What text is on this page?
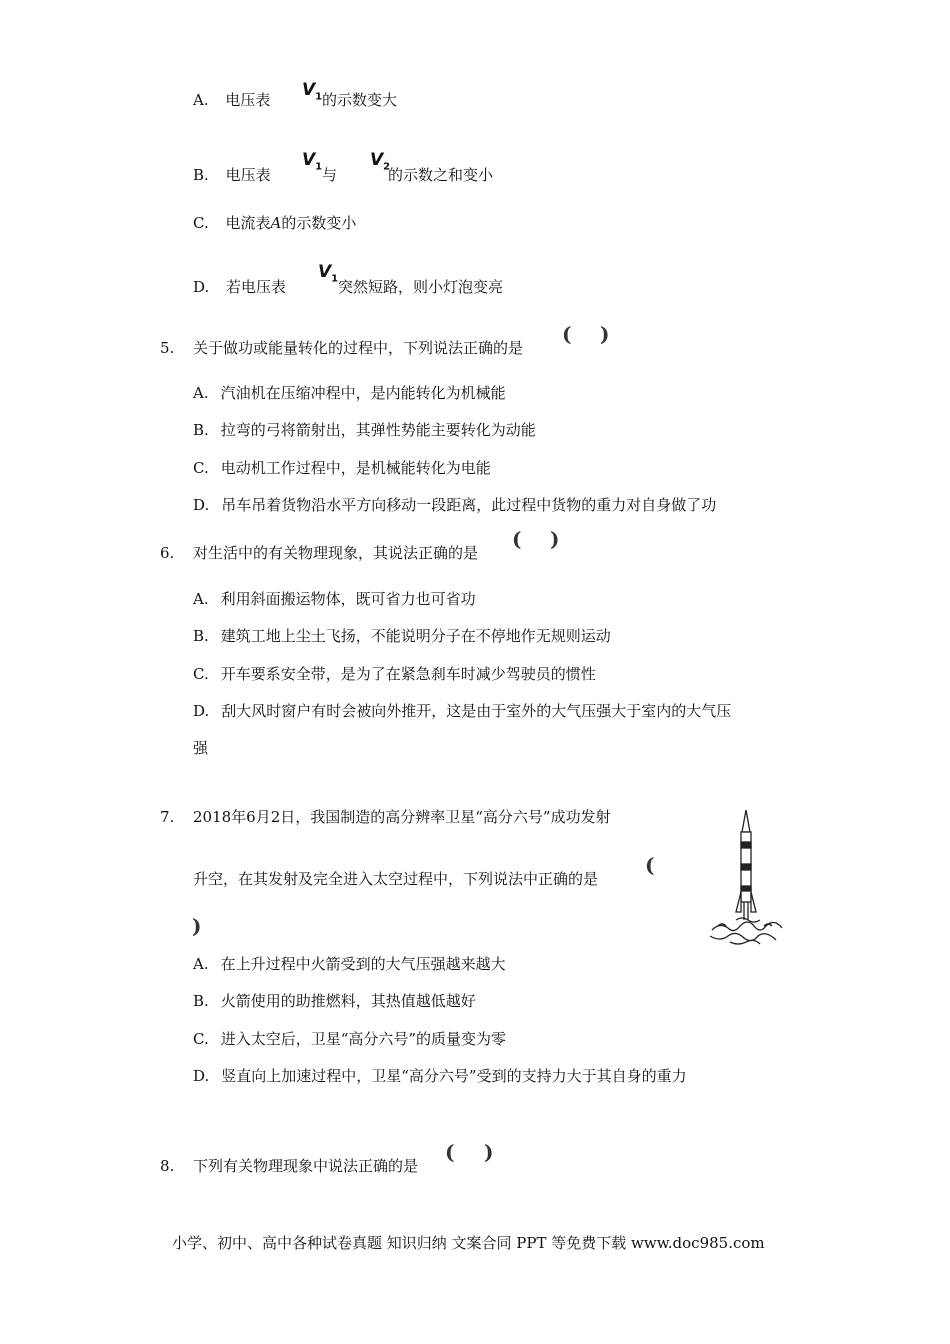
A. 电压表 $V_1$ 的示数变大
B. 电压表
$V_1$ 与
$V_2$
的示数之和变小
C. 电流表A的示数变小
D. 若电压表
$V_1$ 突然短路，则小灯泡变亮
5. 关于做功或能量转化的过程中，下列说法正确的是
( )
A. 汽油机在压缩冲程中，是内能转化为机械能
B. 拉弯的弓将箭射出，其弹性势能主要转化为动能
C. 电动机工作过程中，是机械能转化为电能
D. 吊车吊着货物沿水平方向移动一段距离，此过程中货物的重力对自身做了功
6. 对生活中的有关物理现象，其说法正确的是
( )
A. 利用斜面搬运物体，既可省力也可省功
B. 建筑工地上尘土飞扬，不能说明分子在不停地作无规则运动
C. 开车要系安全带，是为了在紧急刹车时减少驾驶员的惯性
D. 刮大风时窗户有时会被向外推开，这是由于室外的大气压强大于室内的大气压
强
7. 2018年6月2日，我国制造的高分辨率卫星“高分六号”成功发射
升空，在其发射及完全进入太空过程中，下列说法中正确的是
(
)
A. 在上升过程中火箭受到的大气压强越来越大
B. 火箭使用的助推燃料，其热值越低越好
C. 进入太空后，卫星“高分六号”的质量变为零
D. 竖直向上加速过程中，卫星“高分六号”受到的支持力大于其自身的重力
8. 下列有关物理现象中说法正确的是
( )
小学、初中、高中各种试卷真题 知识归纳 文案合同 PPT 等免费下载 www.doc985.com
